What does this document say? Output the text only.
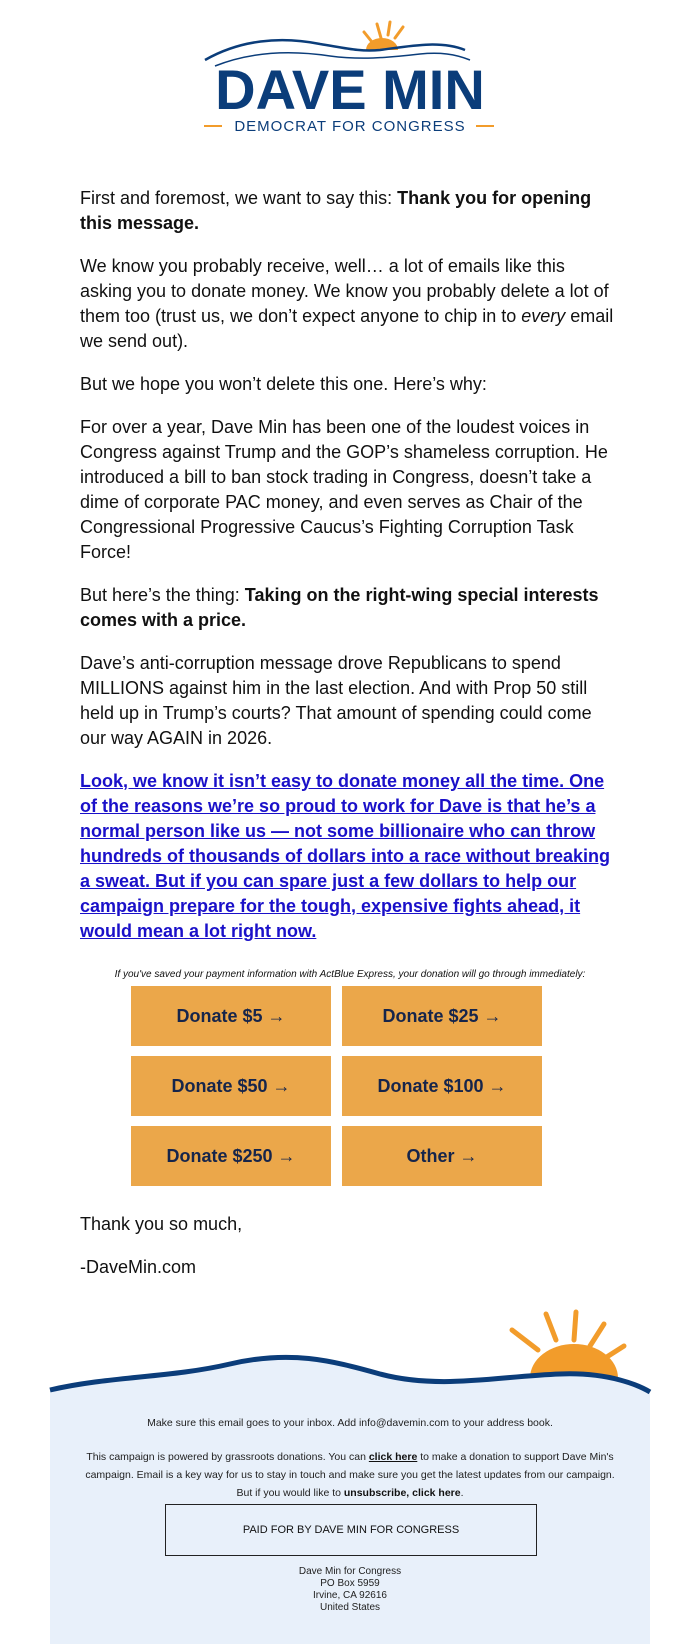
DAVE MIN
DEMOCRAT FOR CONGRESS

First and foremost, we want to say this: Thank you for opening this message.

We know you probably receive, well… a lot of emails like this asking you to donate money. We know you probably delete a lot of them too (trust us, we don’t expect anyone to chip in to every email we send out).

But we hope you won’t delete this one. Here’s why:

For over a year, Dave Min has been one of the loudest voices in Congress against Trump and the GOP’s shameless corruption. He introduced a bill to ban stock trading in Congress, doesn’t take a dime of corporate PAC money, and even serves as Chair of the Congressional Progressive Caucus’s Fighting Corruption Task Force!

But here’s the thing: Taking on the right-wing special interests comes with a price.

Dave’s anti-corruption message drove Republicans to spend MILLIONS against him in the last election. And with Prop 50 still held up in Trump’s courts? That amount of spending could come our way AGAIN in 2026.

Look, we know it isn’t easy to donate money all the time. One of the reasons we’re so proud to work for Dave is that he’s a normal person like us — not some billionaire who can throw hundreds of thousands of dollars into a race without breaking a sweat. But if you can spare just a few dollars to help our campaign prepare for the tough, expensive fights ahead, it would mean a lot right now.
If you've saved your payment information with ActBlue Express, your donation will go through immediately:
Donate $5 →	Donate $25 →
Donate $50 →	Donate $100 →
Donate $250 →	Other →

Thank you so much,

-DaveMin.com

Make sure this email goes to your inbox. Add info@davemin.com to your address book.
This campaign is powered by grassroots donations. You can click here to make a donation to support Dave Min's campaign. Email is a key way for us to stay in touch and make sure you get the latest updates from our campaign. But if you would like to unsubscribe, click here.
PAID FOR BY DAVE MIN FOR CONGRESS
Dave Min for Congress
PO Box 5959
Irvine, CA 92616
United States
